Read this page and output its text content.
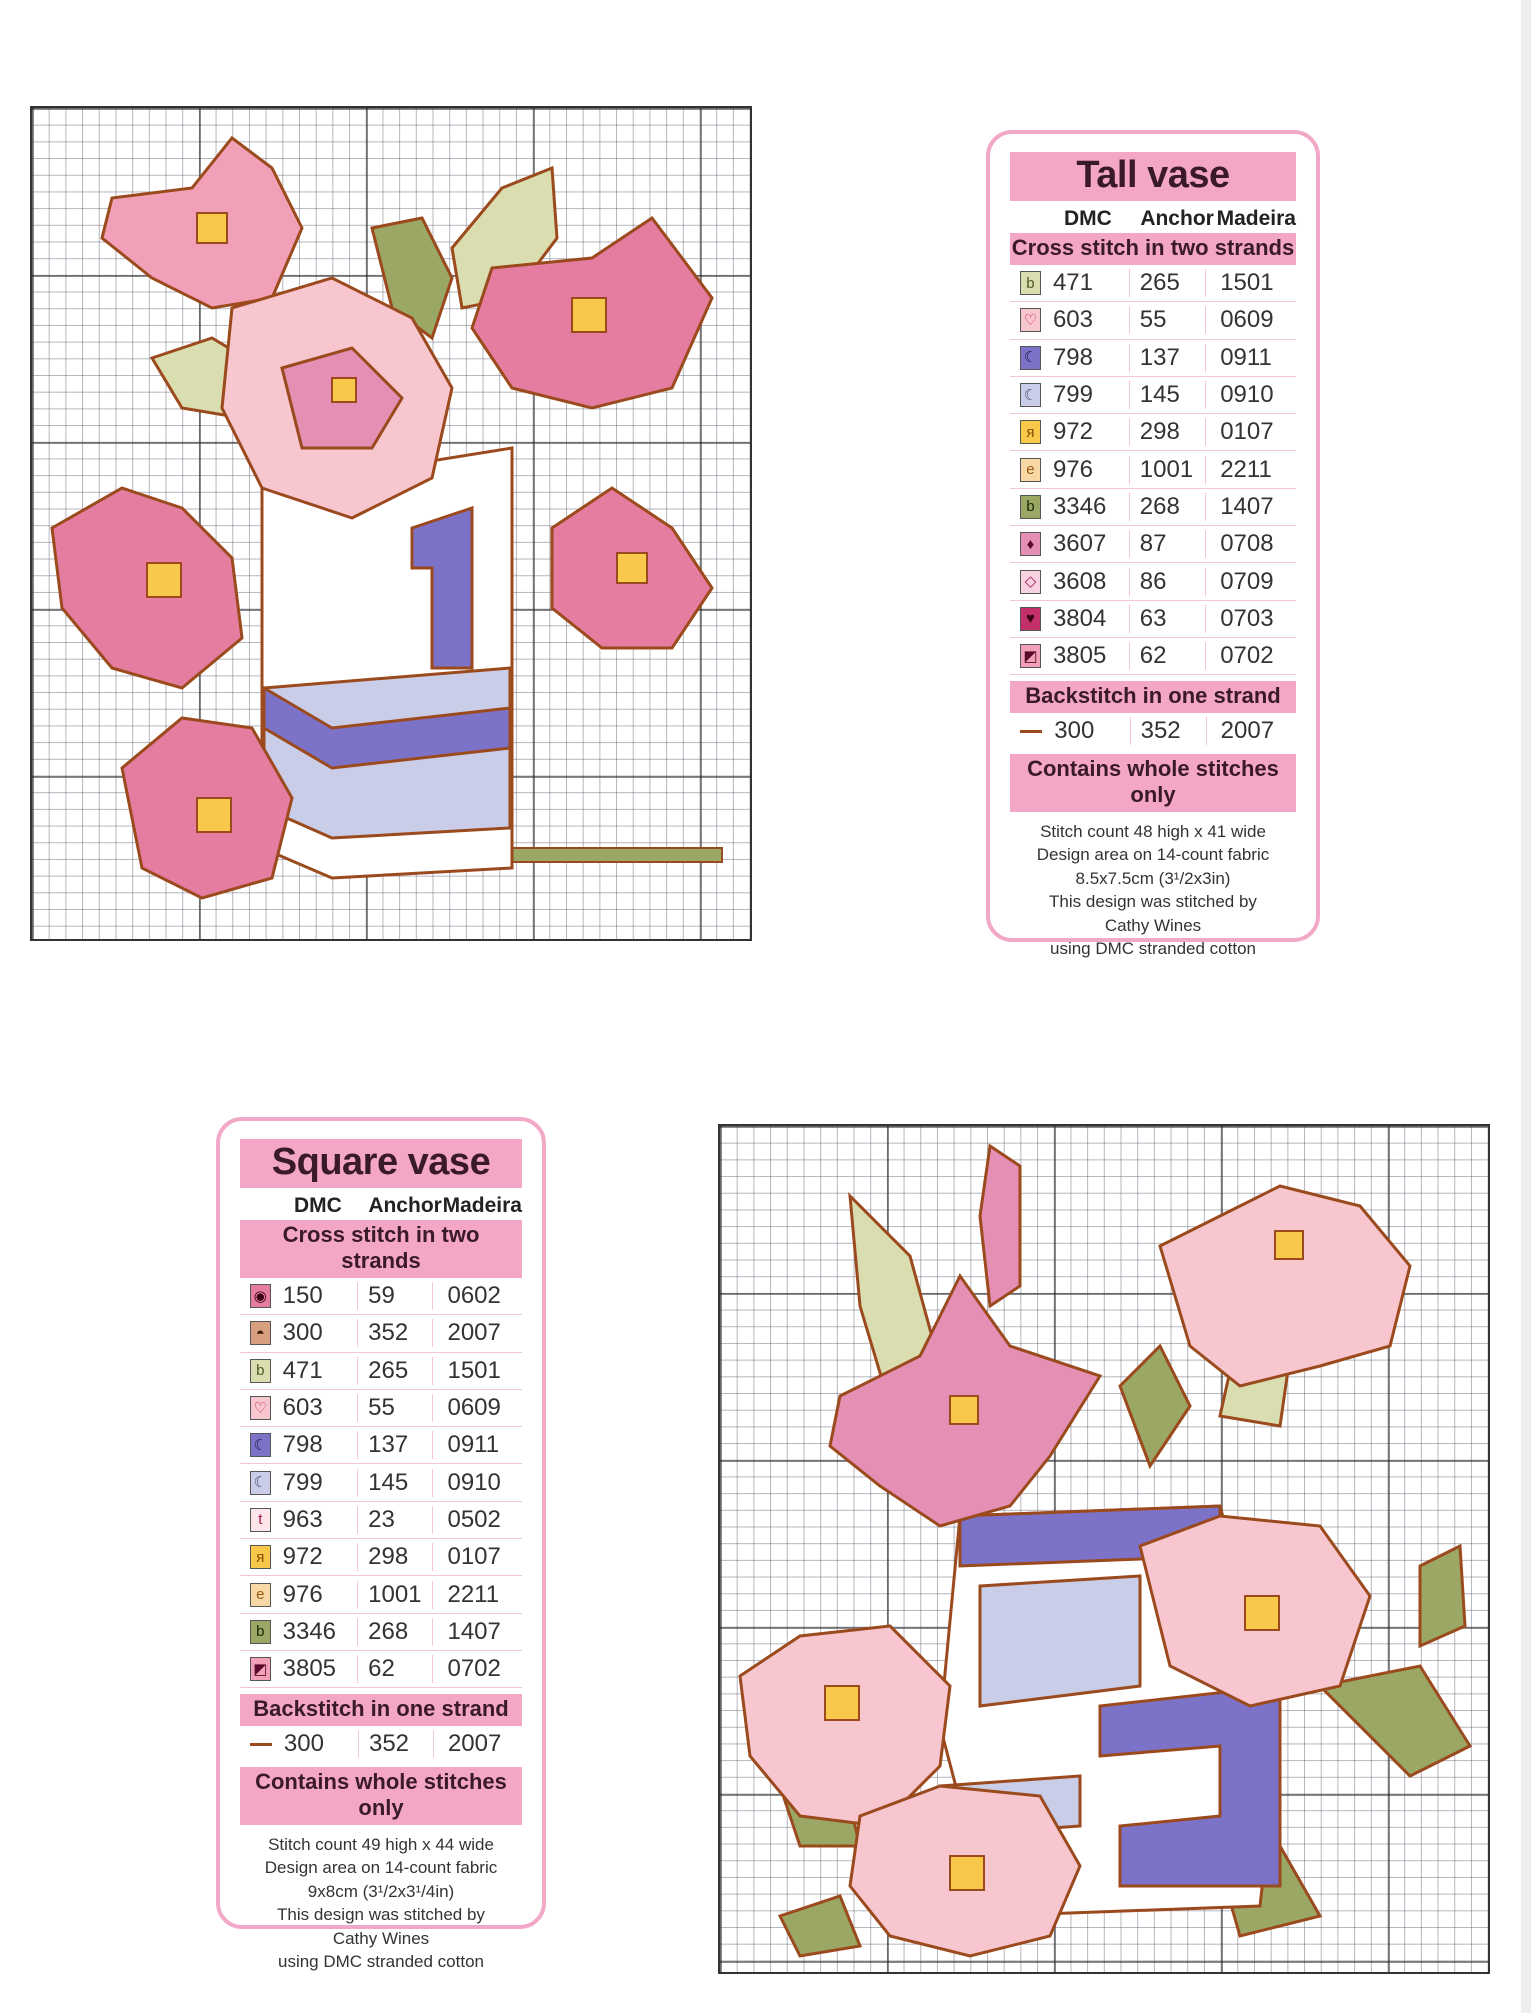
Tall vase
DMC	Anchor Madeira
Cross stitch in two strands
b 471	265	1501
♡ 603	55	0609
☾ 798	137	0911
☾ 799	145	0910
ᴙ 972	298	0107
e 976	1001	2211
b 3346	268	1407
♦ 3607	87	0708
◇ 3608	86	0709
♥ 3804	63	0703
◩ 3805	62	0702
Backstitch in one strand
300	352	2007
Contains whole stitches only
Stitch count 48 high x 41 wide
Design area on 14-count fabric
8.5x7.5cm (3¹/2x3in)
This design was stitched by
Cathy Wines
using DMC stranded cotton
Square vase
DMC	Anchor Madeira
Cross stitch in two strands
◉ 150	59	0602
◓ 300	352	2007
b 471	265	1501
♡ 603	55	0609
☾ 798	137	0911
☾ 799	145	0910
t 963	23	0502
ᴙ 972	298	0107
e 976	1001	2211
b 3346	268	1407
◩ 3805	62	0702
Backstitch in one strand
300	352	2007
Contains whole stitches only
Stitch count 49 high x 44 wide
Design area on 14-count fabric
9x8cm (3¹/2x3¹/4in)
This design was stitched by
Cathy Wines
using DMC stranded cotton
